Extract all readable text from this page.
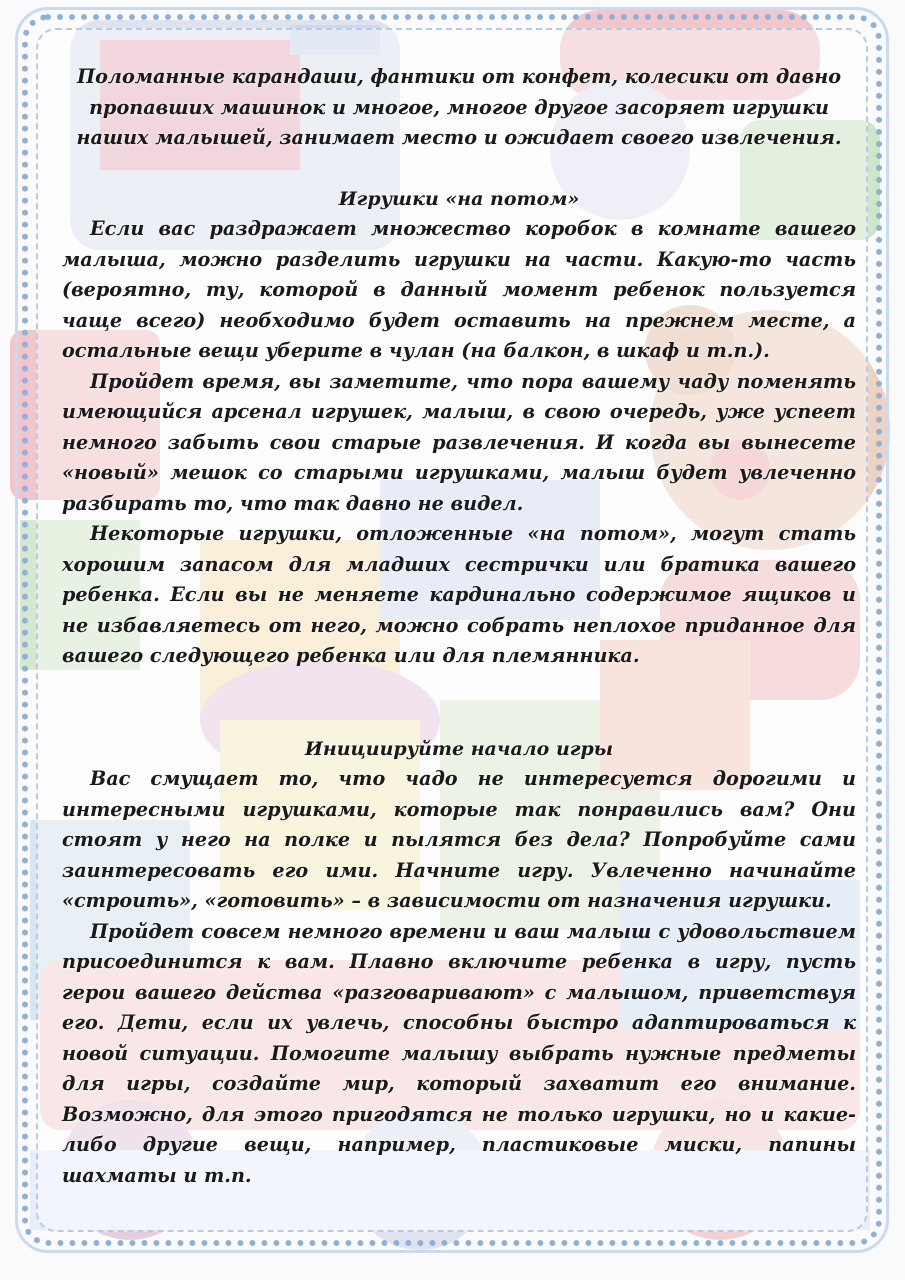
Поломанные карандаши, фантики от конфет, колесики от давно пропавших машинок и многое, многое другое засоряет игрушки наших малышей, занимает место и ожидает своего извлечения.

Игрушки «на потом»

Если вас раздражает множество коробок в комнате вашего малыша, можно разделить игрушки на части. Какую-то часть (вероятно, ту, которой в данный момент ребенок пользуется чаще всего) необходимо будет оставить на прежнем месте, а остальные вещи уберите в чулан (на балкон, в шкаф и т.п.).

Пройдет время, вы заметите, что пора вашему чаду поменять имеющийся арсенал игрушек, малыш, в свою очередь, уже успеет немного забыть свои старые развлечения. И когда вы вынесете «новый» мешок со старыми игрушками, малыш будет увлеченно разбирать то, что так давно не видел.

Некоторые игрушки, отложенные «на потом», могут стать хорошим запасом для младших сестрички или братика вашего ребенка. Если вы не меняете кардинально содержимое ящиков и не избавляетесь от него, можно собрать неплохое приданное для вашего следующего ребенка или для племянника.

Инициируйте начало игры

Вас смущает то, что чадо не интересуется дорогими и интересными игрушками, которые так понравились вам? Они стоят у него на полке и пылятся без дела? Попробуйте сами заинтересовать его ими. Начните игру. Увлеченно начинайте «строить», «готовить» – в зависимости от назначения игрушки.

Пройдет совсем немного времени и ваш малыш с удовольствием присоединится к вам. Плавно включите ребенка в игру, пусть герои вашего действа «разговаривают» с малышом, приветствуя его. Дети, если их увлечь, способны быстро адаптироваться к новой ситуации. Помогите малышу выбрать нужные предметы для игры, создайте мир, который захватит его внимание. Возможно, для этого пригодятся не только игрушки, но и какие-либо другие вещи, например, пластиковые миски, папины шахматы и т.п.
